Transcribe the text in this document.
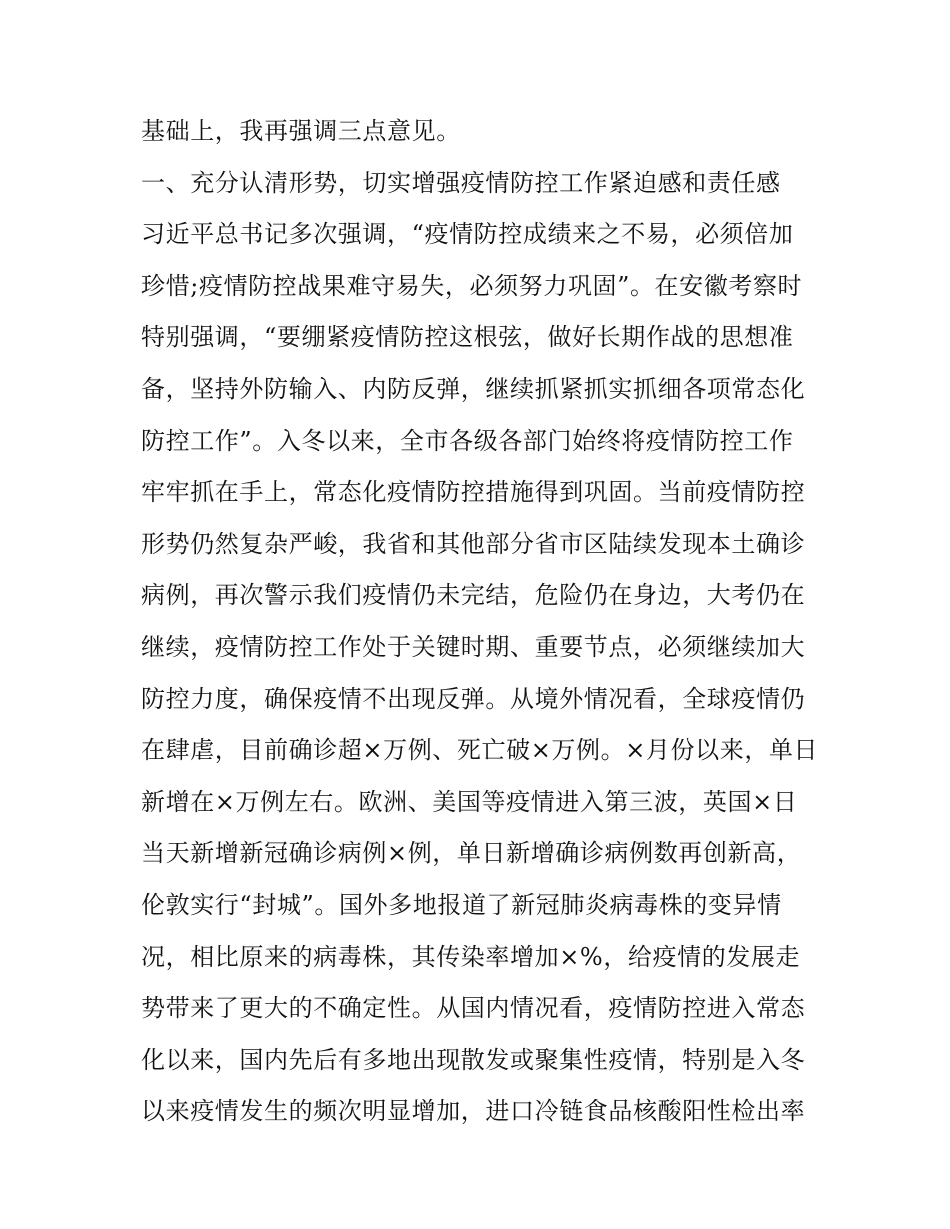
基础上，我再强调三点意见。
一、充分认清形势，切实增强疫情防控工作紧迫感和责任感
习近平总书记多次强调，“疫情防控成绩来之不易，必须倍加
珍惜;疫情防控战果难守易失，必须努力巩固”。在安徽考察时
特别强调，“要绷紧疫情防控这根弦，做好长期作战的思想准
备，坚持外防输入、内防反弹，继续抓紧抓实抓细各项常态化
防控工作”。入冬以来，全市各级各部门始终将疫情防控工作
牢牢抓在手上，常态化疫情防控措施得到巩固。当前疫情防控
形势仍然复杂严峻，我省和其他部分省市区陆续发现本土确诊
病例，再次警示我们疫情仍未完结，危险仍在身边，大考仍在
继续，疫情防控工作处于关键时期、重要节点，必须继续加大
防控力度，确保疫情不出现反弹。从境外情况看，全球疫情仍
在肆虐，目前确诊超×万例、死亡破×万例。×月份以来，单日
新增在×万例左右。欧洲、美国等疫情进入第三波，英国×日
当天新增新冠确诊病例×例，单日新增确诊病例数再创新高，
伦敦实行“封城”。国外多地报道了新冠肺炎病毒株的变异情
况，相比原来的病毒株，其传染率增加×%，给疫情的发展走
势带来了更大的不确定性。从国内情况看，疫情防控进入常态
化以来，国内先后有多地出现散发或聚集性疫情，特别是入冬
以来疫情发生的频次明显增加，进口冷链食品核酸阳性检出率
